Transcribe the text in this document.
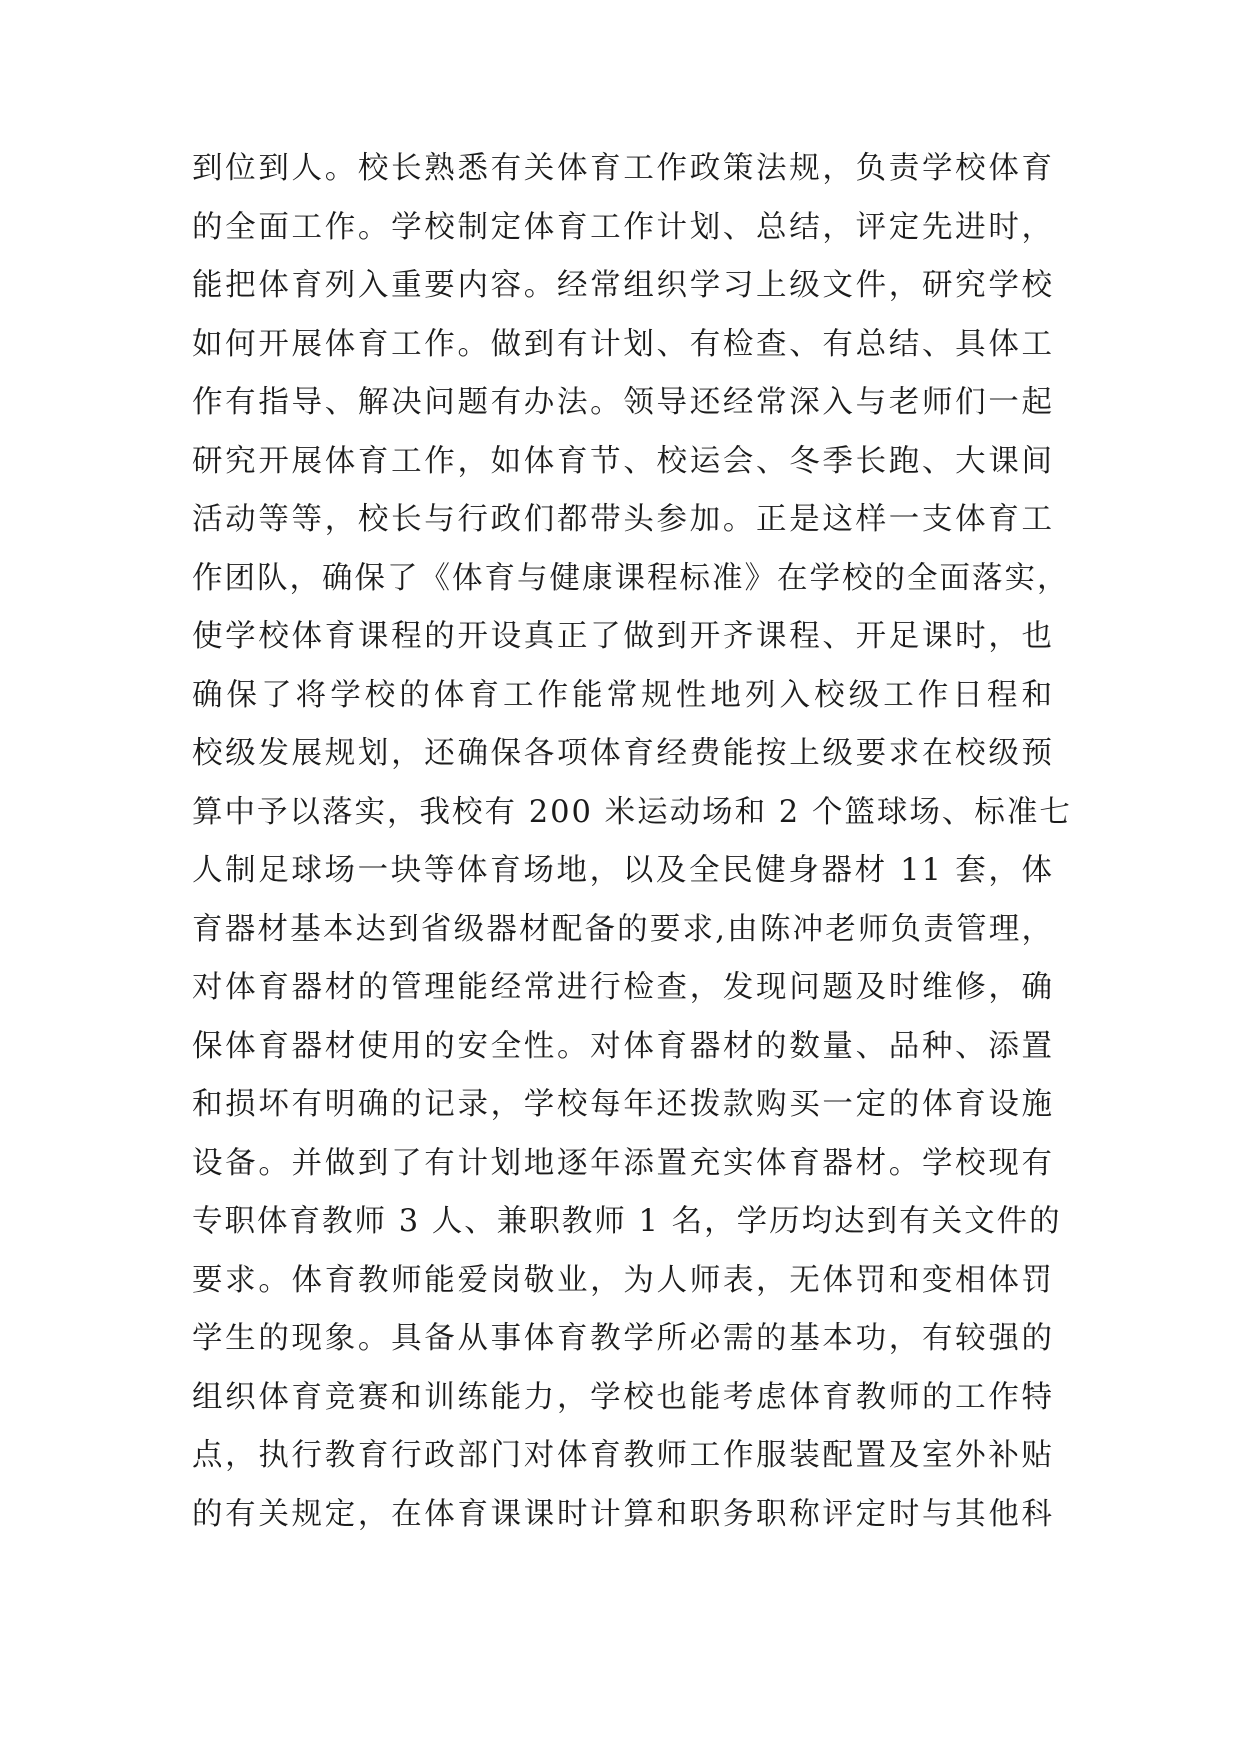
到位到人。校长熟悉有关体育工作政策法规，负责学校体育
的全面工作。学校制定体育工作计划、总结，评定先进时，
能把体育列入重要内容。经常组织学习上级文件，研究学校
如何开展体育工作。做到有计划、有检查、有总结、具体工
作有指导、解决问题有办法。领导还经常深入与老师们一起
研究开展体育工作，如体育节、校运会、冬季长跑、大课间
活动等等，校长与行政们都带头参加。正是这样一支体育工
作团队，确保了《体育与健康课程标准》在学校的全面落实，
使学校体育课程的开设真正了做到开齐课程、开足课时，也
确保了将学校的体育工作能常规性地列入校级工作日程和
校级发展规划，还确保各项体育经费能按上级要求在校级预
算中予以落实，我校有 200 米运动场和 2 个篮球场、标准七
人制足球场一块等体育场地，以及全民健身器材 11 套，体
育器材基本达到省级器材配备的要求,由陈冲老师负责管理，
对体育器材的管理能经常进行检查，发现问题及时维修，确
保体育器材使用的安全性。对体育器材的数量、品种、添置
和损坏有明确的记录，学校每年还拨款购买一定的体育设施
设备。并做到了有计划地逐年添置充实体育器材。学校现有
专职体育教师 3 人、兼职教师 1 名，学历均达到有关文件的
要求。体育教师能爱岗敬业，为人师表，无体罚和变相体罚
学生的现象。具备从事体育教学所必需的基本功，有较强的
组织体育竞赛和训练能力，学校也能考虑体育教师的工作特
点，执行教育行政部门对体育教师工作服装配置及室外补贴
的有关规定，在体育课课时计算和职务职称评定时与其他科
